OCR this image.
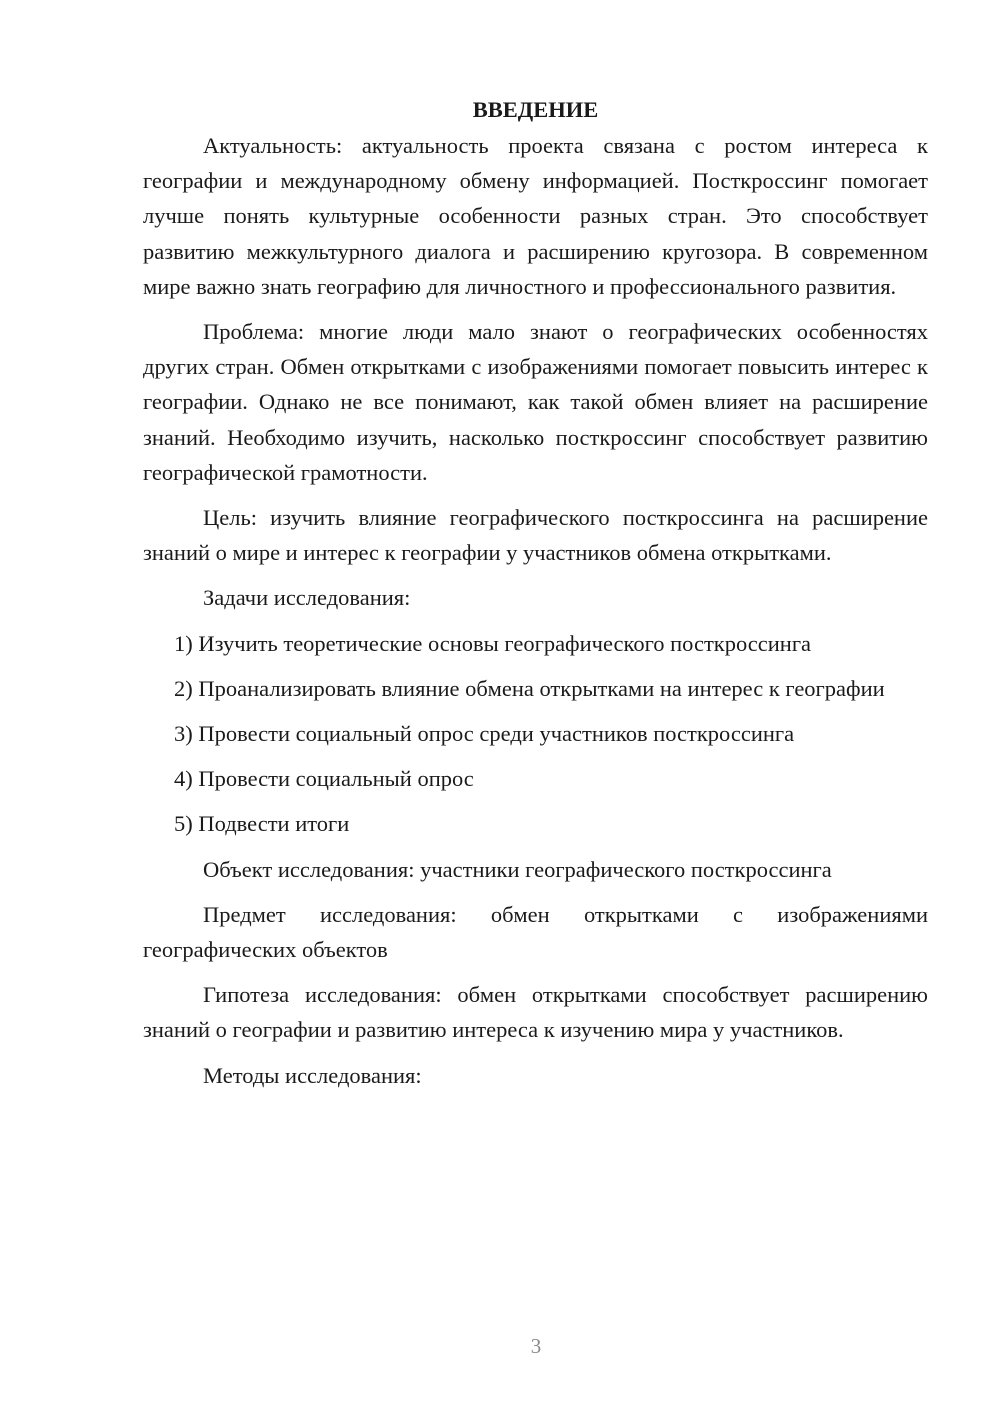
ВВЕДЕНИЕ

Актуальность: актуальность проекта связана с ростом интереса к географии и международному обмену информацией. Посткроссинг помогает лучше понять культурные особенности разных стран. Это способствует развитию межкультурного диалога и расширению кругозора. В современном мире важно знать географию для личностного и профессионального развития.

Проблема: многие люди мало знают о географических особенностях других стран. Обмен открытками с изображениями помогает повысить интерес к географии. Однако не все понимают, как такой обмен влияет на расширение знаний. Необходимо изучить, насколько посткроссинг способствует развитию географической грамотности.

Цель: изучить влияние географического посткроссинга на расширение знаний о мире и интерес к географии у участников обмена открытками.

Задачи исследования:

1) Изучить теоретические основы географического посткроссинга

2) Проанализировать влияние обмена открытками на интерес к географии

3) Провести социальный опрос среди участников посткроссинга

4) Провести социальный опрос

5) Подвести итоги

Объект исследования: участники географического посткроссинга

Предмет исследования: обмен открытками с изображениями географических объектов

Гипотеза исследования: обмен открытками способствует расширению знаний о географии и развитию интереса к изучению мира у участников.

Методы исследования:

3
